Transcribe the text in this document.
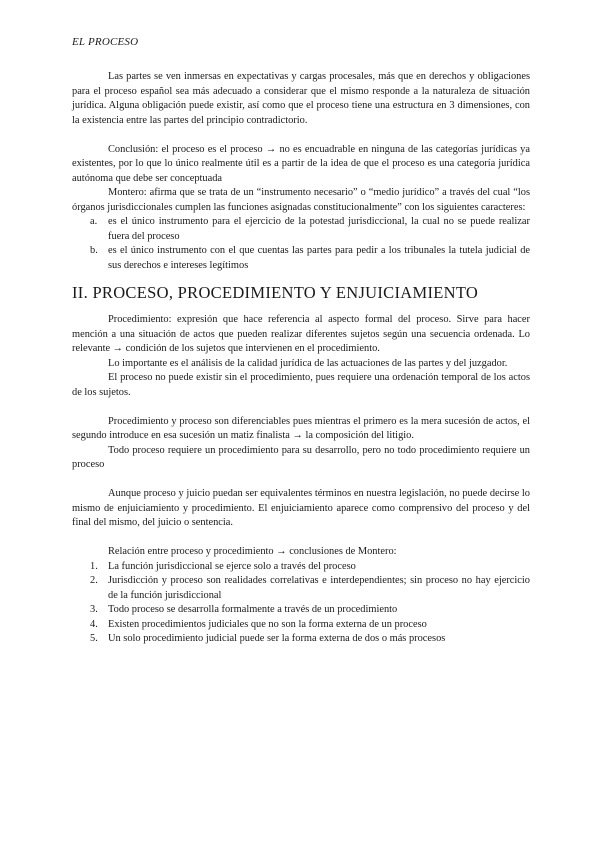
EL PROCESO

Las partes se ven inmersas en expectativas y cargas procesales, más que en derechos y obligaciones para el proceso español sea más adecuado a considerar que el mismo responde a la naturaleza de situación jurídica. Alguna obligación puede existir, así como que el proceso tiene una estructura en 3 dimensiones, con la existencia entre las partes del principio contradictorio.

Conclusión: el proceso es el proceso → no es encuadrable en ninguna de las categorías jurídicas ya existentes, por lo que lo único realmente útil es a partir de la idea de que el proceso es una categoría jurídica autónoma que debe ser conceptuada

Montero: afirma que se trata de un “instrumento necesario” o “medio jurídico” a través del cual “los órganos jurisdiccionales cumplen las funciones asignadas constitucionalmente” con los siguientes caracteres:

a. es el único instrumento para el ejercicio de la potestad jurisdiccional, la cual no se puede realizar fuera del proceso
b. es el único instrumento con el que cuentas las partes para pedir a los tribunales la tutela judicial de sus derechos e intereses legítimos
II. PROCESO, PROCEDIMIENTO Y ENJUICIAMIENTO

Procedimiento: expresión que hace referencia al aspecto formal del proceso. Sirve para hacer mención a una situación de actos que pueden realizar diferentes sujetos según una secuencia ordenada. Lo relevante → condición de los sujetos que intervienen en el procedimiento.

Lo importante es el análisis de la calidad jurídica de las actuaciones de las partes y del juzgador.

El proceso no puede existir sin el procedimiento, pues requiere una ordenación temporal de los actos de los sujetos.

Procedimiento y proceso son diferenciables pues mientras el primero es la mera sucesión de actos, el segundo introduce en esa sucesión un matiz finalista → la composición del litigio.

Todo proceso requiere un procedimiento para su desarrollo, pero no todo procedimiento requiere un proceso

Aunque proceso y juicio puedan ser equivalentes términos en nuestra legislación, no puede decirse lo mismo de enjuiciamiento y procedimiento. El enjuiciamiento aparece como comprensivo del proceso y del final del mismo, del juicio o sentencia.

Relación entre proceso y procedimiento → conclusiones de Montero:

1. La función jurisdiccional se ejerce solo a través del proceso
2. Jurisdicción y proceso son realidades correlativas e interdependientes; sin proceso no hay ejercicio de la función jurisdiccional
3. Todo proceso se desarrolla formalmente a través de un procedimiento
4. Existen procedimientos judiciales que no son la forma externa de un proceso
5. Un solo procedimiento judicial puede ser la forma externa de dos o más procesos
